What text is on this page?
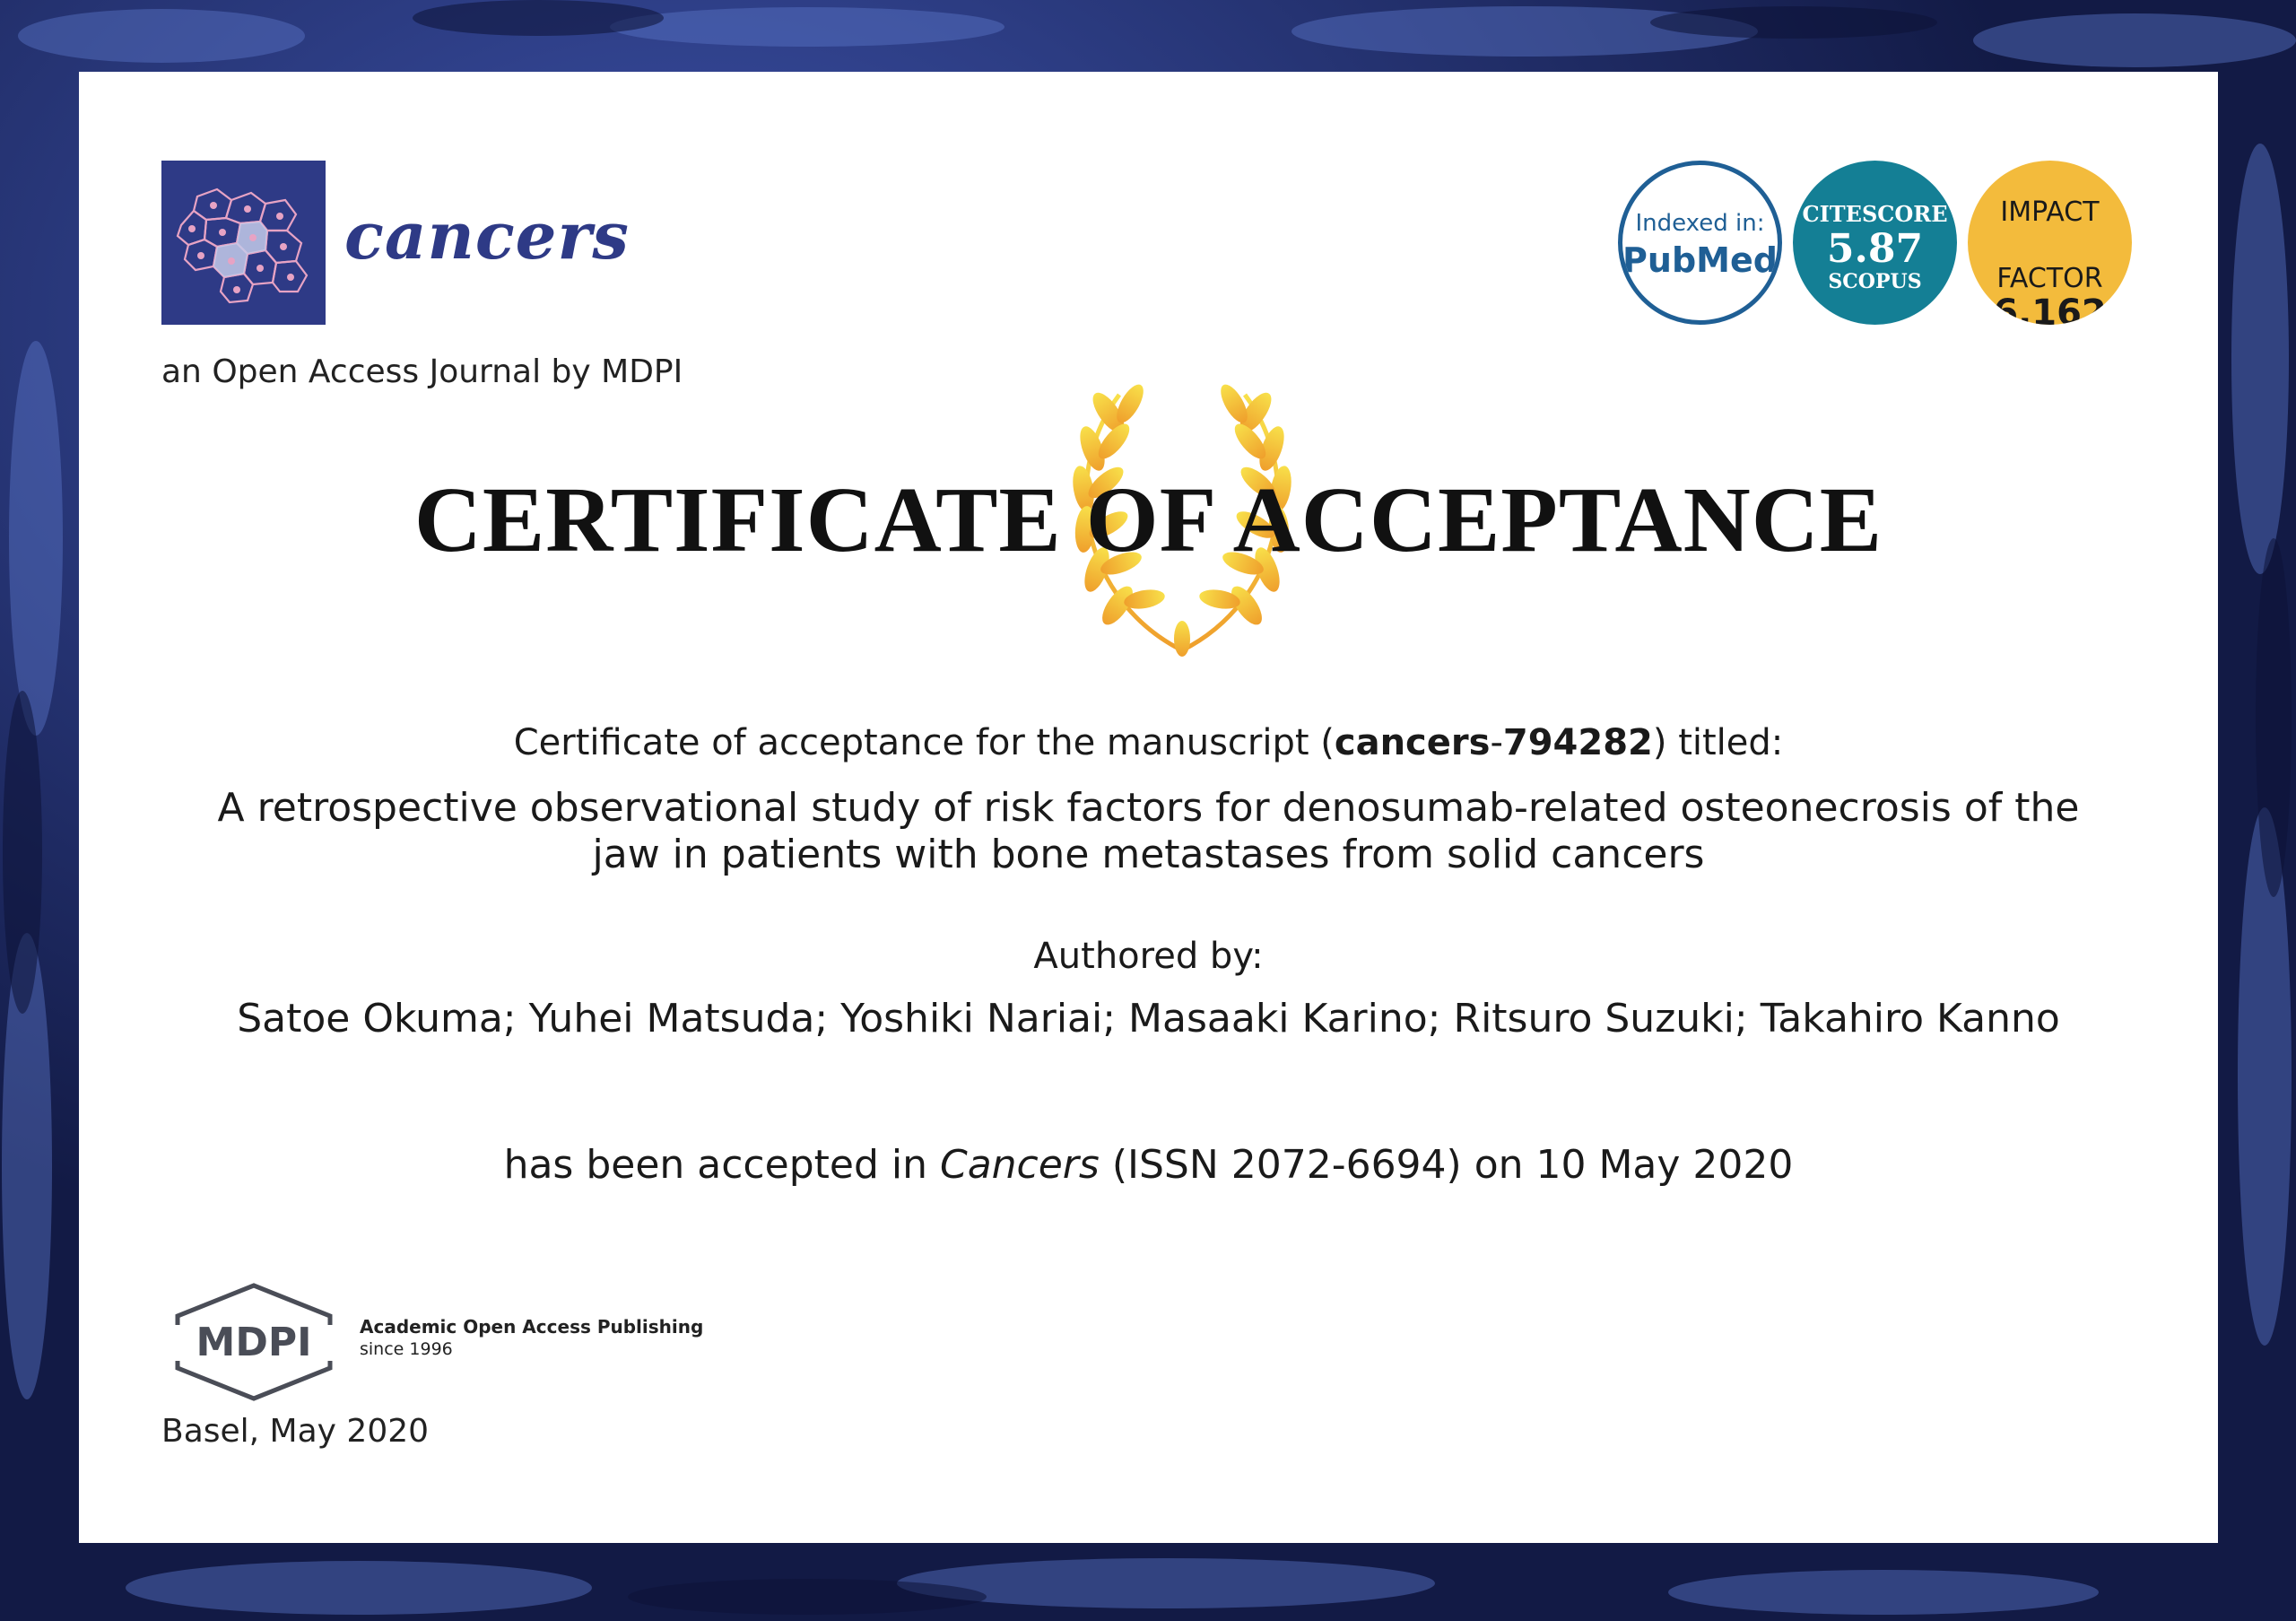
cancers
an Open Access Journal by MDPI
Indexed in:
PubMed
CITESCORE
5.87
SCOPUS
IMPACT
FACTOR
6.162
CERTIFICATE OF ACCEPTANCE
Certificate of acceptance for the manuscript (cancers-794282) titled:
A retrospective observational study of risk factors for denosumab-related osteonecrosis of the jaw in patients with bone metastases from solid cancers
Authored by:
Satoe Okuma; Yuhei Matsuda; Yoshiki Nariai; Masaaki Karino; Ritsuro Suzuki; Takahiro Kanno
has been accepted in Cancers (ISSN 2072-6694) on 10 May 2020
MDPI	Academic Open Access Publishing
since 1996
Basel, May 2020
